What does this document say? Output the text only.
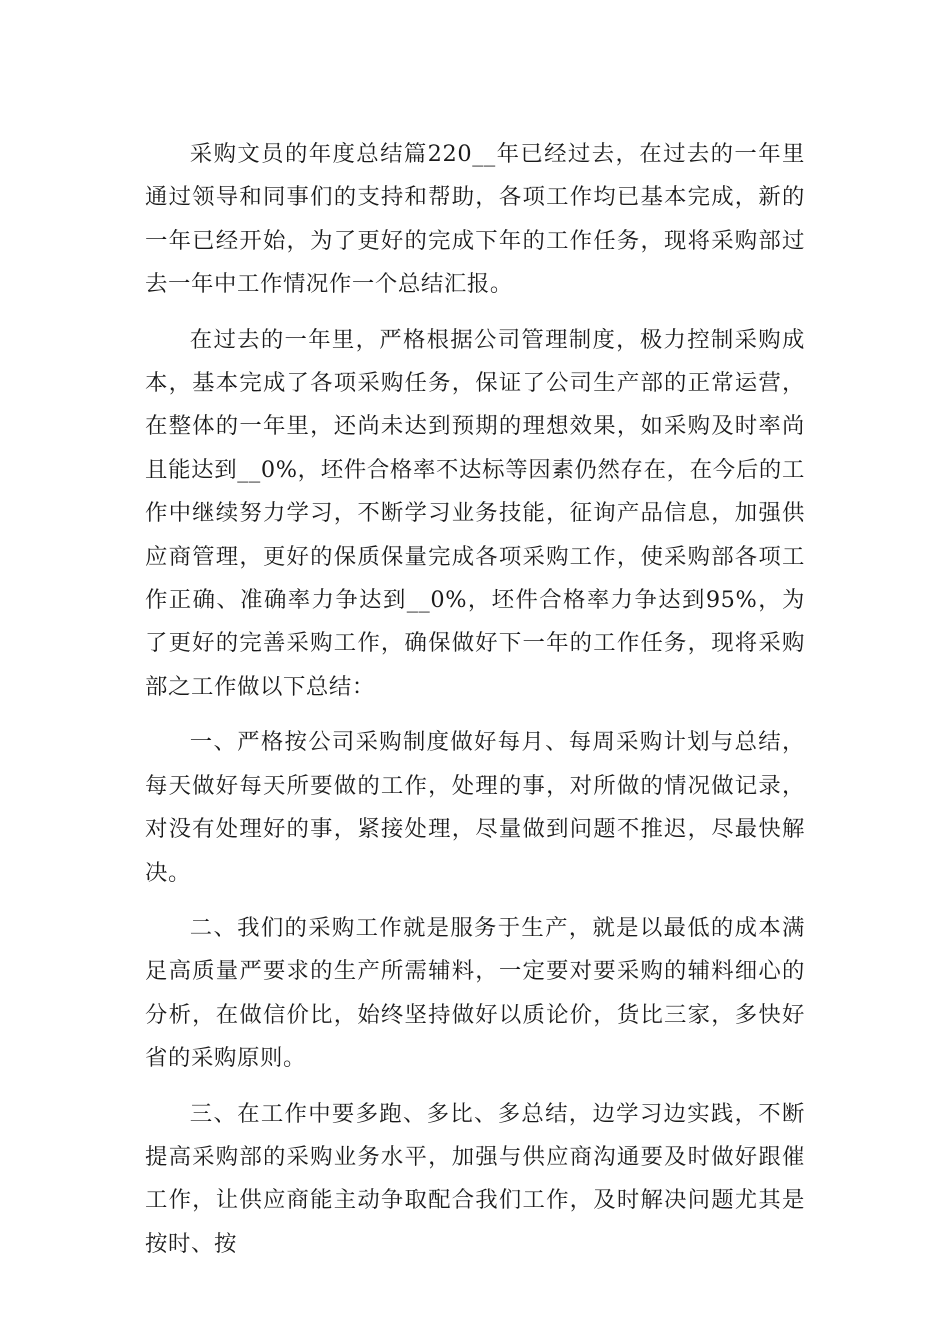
采购文员的年度总结篇220__年已经过去，在过去的一年里通过领导和同事们的支持和帮助，各项工作均已基本完成，新的一年已经开始，为了更好的完成下年的工作任务，现将采购部过去一年中工作情况作一个总结汇报。

在过去的一年里，严格根据公司管理制度，极力控制采购成本，基本完成了各项采购任务，保证了公司生产部的正常运营，在整体的一年里，还尚未达到预期的理想效果，如采购及时率尚且能达到__0%，坯件合格率不达标等因素仍然存在，在今后的工作中继续努力学习，不断学习业务技能，征询产品信息，加强供应商管理，更好的保质保量完成各项采购工作，使采购部各项工作正确、准确率力争达到__0%，坯件合格率力争达到95%，为了更好的完善采购工作，确保做好下一年的工作任务，现将采购部之工作做以下总结：

一、严格按公司采购制度做好每月、每周采购计划与总结，每天做好每天所要做的工作，处理的事，对所做的情况做记录，对没有处理好的事，紧接处理，尽量做到问题不推迟，尽最快解决。

二、我们的采购工作就是服务于生产，就是以最低的成本满足高质量严要求的生产所需辅料，一定要对要采购的辅料细心的分析，在做信价比，始终坚持做好以质论价，货比三家，多快好省的采购原则。

三、在工作中要多跑、多比、多总结，边学习边实践，不断提高采购部的采购业务水平，加强与供应商沟通要及时做好跟催工作，让供应商能主动争取配合我们工作，及时解决问题尤其是按时、按
